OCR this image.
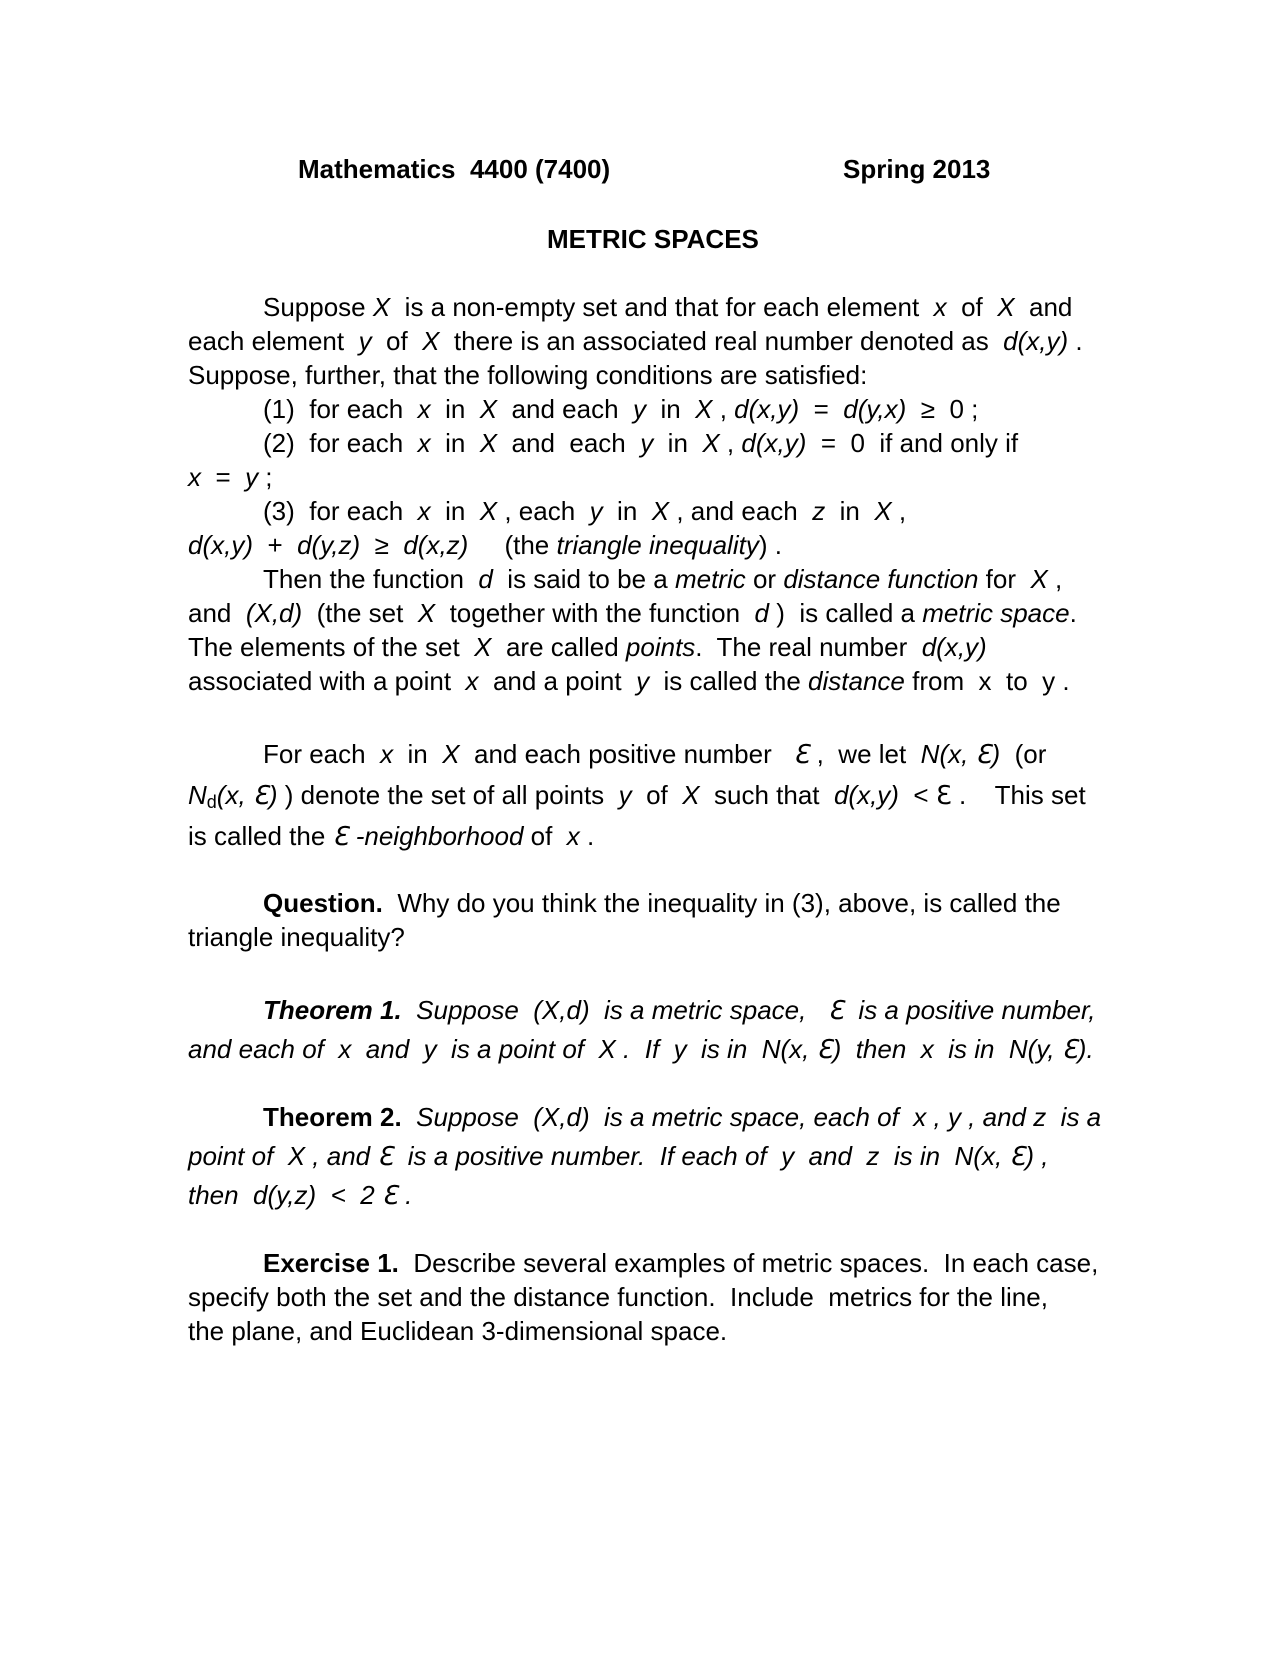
Mathematics  4400 (7400)	Spring 2013
METRIC SPACES
Suppose X  is a non-empty set and that for each element  x  of  X  and
each element  y  of  X  there is an associated real number denoted as  d(x,y) .
Suppose, further, that the following conditions are satisfied:
(1)  for each  x  in  X  and each  y  in  X , d(x,y)  =  d(y,x)  ≥  0 ;
(2)  for each  x  in  X  and  each  y  in  X , d(x,y)  =  0  if and only if
x  =  y ;
(3)  for each  x  in  X , each  y  in  X , and each  z  in  X ,
d(x,y)  +  d(y,z)  ≥  d(x,z)     (the triangle inequality) .
Then the function  d  is said to be a metric or distance function for  X ,
and  (X,d)  (the set  X  together with the function  d )  is called a metric space.
The elements of the set  X  are called points.  The real number  d(x,y)
associated with a point  x  and a point  y  is called the distance from  x  to  y .
For each  x  in  X  and each positive number   ℇ ,  we let  N(x, ℇ)  (or
$N_d(x$, ℇ) ) denote the set of all points  y  of  X  such that  d(x,y)  < ℇ .    This set
is called the ℇ -neighborhood of  x .
Question.  Why do you think the inequality in (3), above, is called the
triangle inequality?
Theorem 1.  Suppose  (X,d)  is a metric space,   ℇ  is a positive number,
and each of  x  and  y  is a point of  X .  If  y  is in  N(x, ℇ)  then  x  is in  N(y, ℇ).
Theorem 2.  Suppose  (X,d)  is a metric space, each of  x , y , and z  is a
point of  X , and ℇ  is a positive number.  If each of  y  and  z  is in  N(x, ℇ) ,
then  d(y,z)  <  2 ℇ .
Exercise 1.  Describe several examples of metric spaces.  In each case,
specify both the set and the distance function.  Include  metrics for the line,
the plane, and Euclidean 3-dimensional space.
